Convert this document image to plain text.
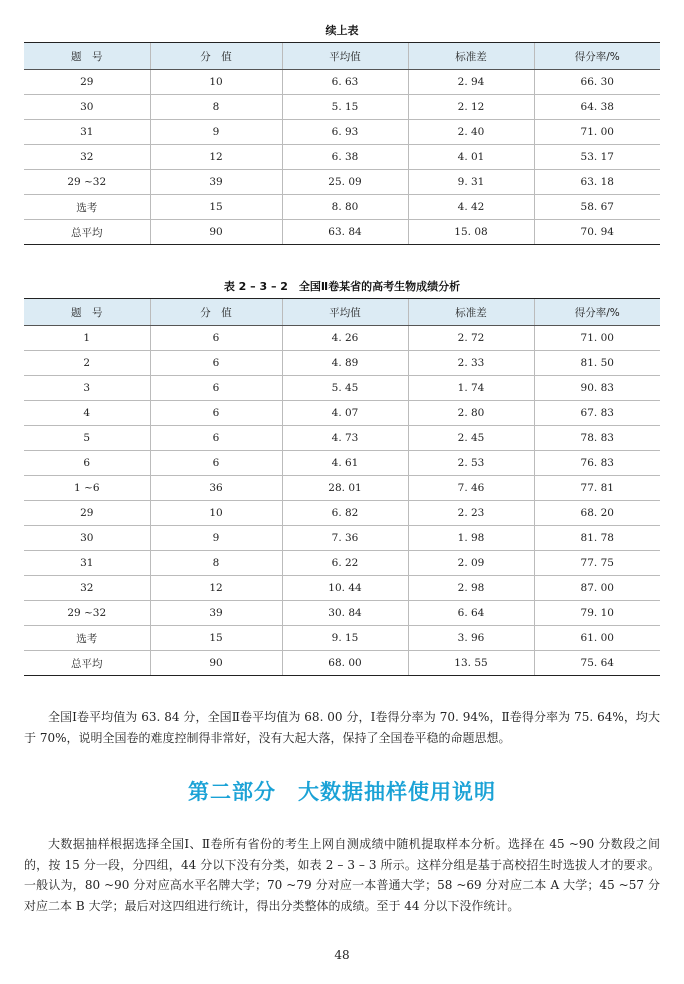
续上表
题　号	分　值	平均值	标准差	得分率/%
29	10	6. 63	2. 94	66. 30
30	8	5. 15	2. 12	64. 38
31	9	6. 93	2. 40	71. 00
32	12	6. 38	4. 01	53. 17
29 ~32	39	25. 09	9. 31	63. 18
选考	15	8. 80	4. 42	58. 67
总平均	90	63. 84	15. 08	70. 94
表 2 – 3 – 2　全国Ⅱ卷某省的高考生物成绩分析
题　号	分　值	平均值	标准差	得分率/%
1	6	4. 26	2. 72	71. 00
2	6	4. 89	2. 33	81. 50
3	6	5. 45	1. 74	90. 83
4	6	4. 07	2. 80	67. 83
5	6	4. 73	2. 45	78. 83
6	6	4. 61	2. 53	76. 83
1 ~6	36	28. 01	7. 46	77. 81
29	10	6. 82	2. 23	68. 20
30	9	7. 36	1. 98	81. 78
31	8	6. 22	2. 09	77. 75
32	12	10. 44	2. 98	87. 00
29 ~32	39	30. 84	6. 64	79. 10
选考	15	9. 15	3. 96	61. 00
总平均	90	68. 00	13. 55	75. 64
全国Ⅰ卷平均值为 63. 84 分，全国Ⅱ卷平均值为 68. 00 分，Ⅰ卷得分率为 70. 94%，Ⅱ卷得分率为 75. 64%，均大于 70%，说明全国卷的难度控制得非常好，没有大起大落，保持了全国卷平稳的命题思想。
第二部分　大数据抽样使用说明
大数据抽样根据选择全国Ⅰ、Ⅱ卷所有省份的考生上网自测成绩中随机提取样本分析。选择在 45 ~90 分数段之间的，按 15 分一段，分四组，44 分以下没有分类，如表 2 – 3 – 3 所示。这样分组是基于高校招生时选拔人才的要求。一般认为，80 ~90 分对应高水平名牌大学；70 ~79 分对应一本普通大学；58 ~69 分对应二本 A 大学；45 ~57 分对应二本 B 大学；最后对这四组进行统计，得出分类整体的成绩。至于 44 分以下没作统计。
48
